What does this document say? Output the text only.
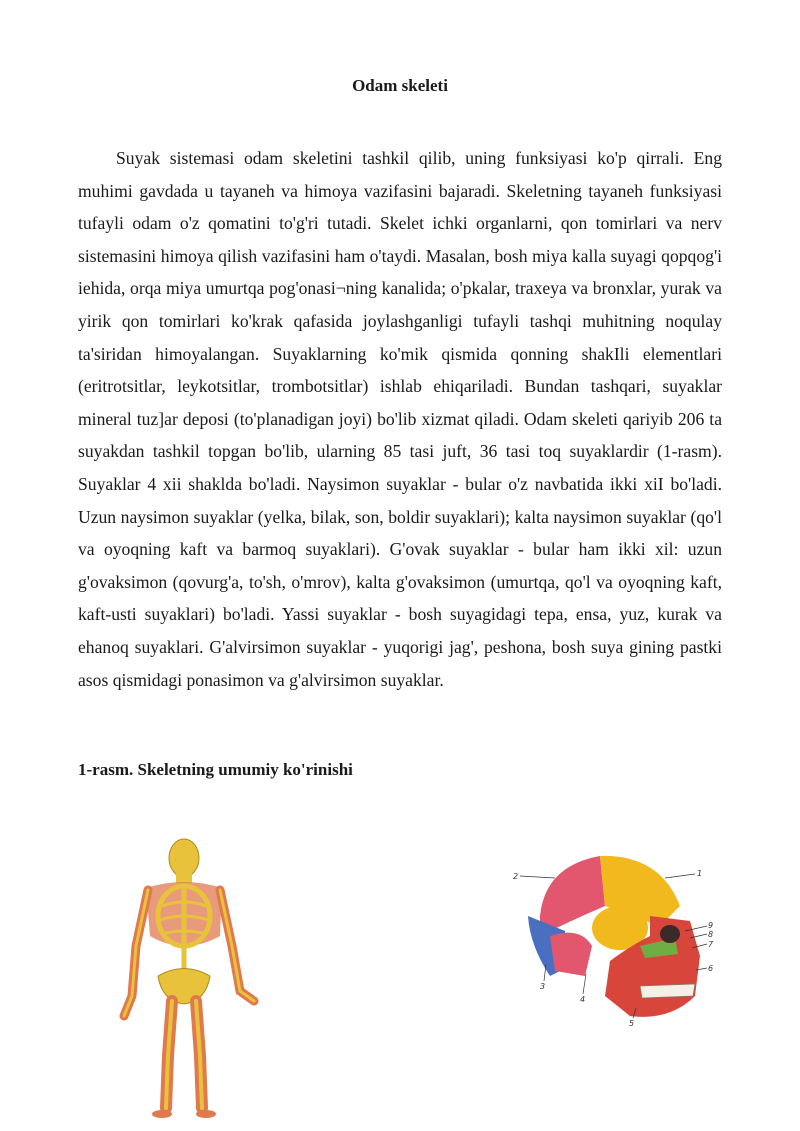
Odam skeleti

Suyak sistemasi odam skeletini tashkil qilib, uning funksiyasi ko'p qirrali. Eng muhimi gavdada u tayaneh va himoya vazifasini bajaradi. Skeletning tayaneh funksiyasi tufayli odam o'z qomatini to'g'ri tutadi. Skelet ichki organlarni, qon tomirlari va nerv sistemasini himoya qilish vazifasini ham o'taydi. Masalan, bosh miya kalla suyagi qopqog'i iehida, orqa miya umurtqa pog'onasi¬ning kanalida; o'pkalar, traxeya va bronxlar, yurak va yirik qon tomirlari ko'krak qafasida joylashganligi tufayli tashqi muhitning noqulay ta'siridan himoyalangan. Suyaklarning ko'mik qismida qonning shakIli elementlari (eritrotsitlar, leykotsitlar, trombotsitlar) ishlab ehiqariladi. Bundan tashqari, suyaklar mineral tuz]ar deposi (to'planadigan joyi) bo'lib xizmat qiladi. Odam skeleti qariyib 206 ta suyakdan tashkil topgan bo'lib, ularning 85 tasi juft, 36 tasi toq suyaklardir (1-rasm). Suyaklar 4 xii shaklda bo'ladi. Naysimon suyaklar - bular o'z navbatida ikki xiI bo'ladi. Uzun naysimon suyaklar (yelka, bilak, son, boldir suyaklari); kalta naysimon suyaklar (qo'l va oyoqning kaft va barmoq suyaklari). G'ovak suyaklar - bular ham ikki xil: uzun g'ovaksimon (qovurg'a, to'sh, o'mrov), kalta g'ovaksimon (umurtqa, qo'l va oyoqning kaft, kaft-usti suyaklari) bo'ladi. Yassi suyaklar - bosh suyagidagi tepa, ensa, yuz, kurak va ehanoq suyaklari. G'alvirsimon suyaklar - yuqorigi jag', peshona, bosh suya gining pastki asos qismidagi ponasimon va g'alvirsimon suyaklar.

1-rasm. Skeletning umumiy ko'rinishi
2	1
9
8
7
6
3
4
5
